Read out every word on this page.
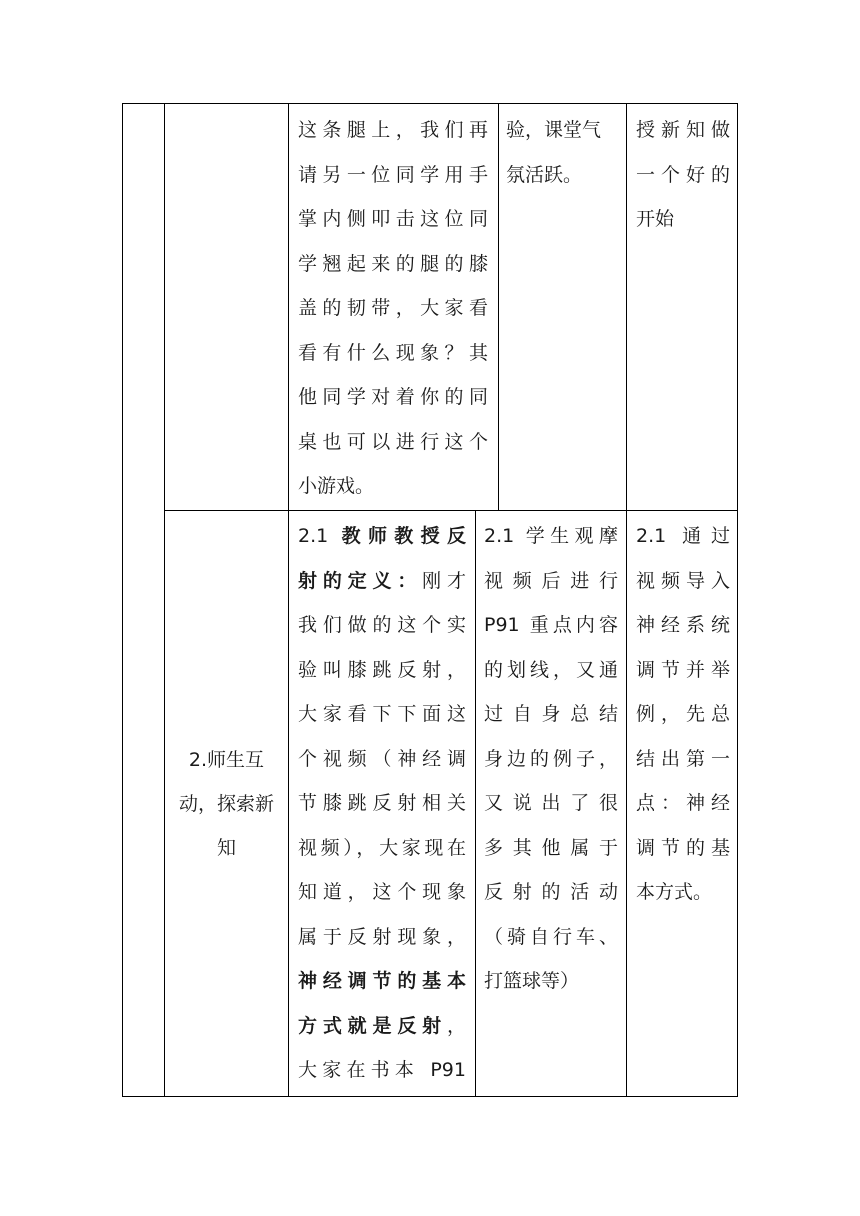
这条腿上，我们再
请另一位同学用手
掌内侧叩击这位同
学翘起来的腿的膝
盖的韧带，大家看
看有什么现象？其
他同学对着你的同
桌也可以进行这个
小游戏。
验，课堂气
氛活跃。
授新知做
一个好的
开始
2.师生互
动，探索新
知
2.1 教师教授反
射的定义：刚才
我们做的这个实
验叫膝跳反射，
大家看下下面这
个视频（神经调
节膝跳反射相关
视频），大家现在
知道，这个现象
属于反射现象，
神经调节的基本
方式就是反射，
大家在书本 P91
2.1 学生观摩
视频后进行
P91 重点内容
的划线，又通
过自身总结
身边的例子，
又说出了很
多其他属于
反射的活动
（骑自行车、
打篮球等）
2.1 通过
视频导入
神经系统
调节并举
例，先总
结出第一
点：神经
调节的基
本方式。
